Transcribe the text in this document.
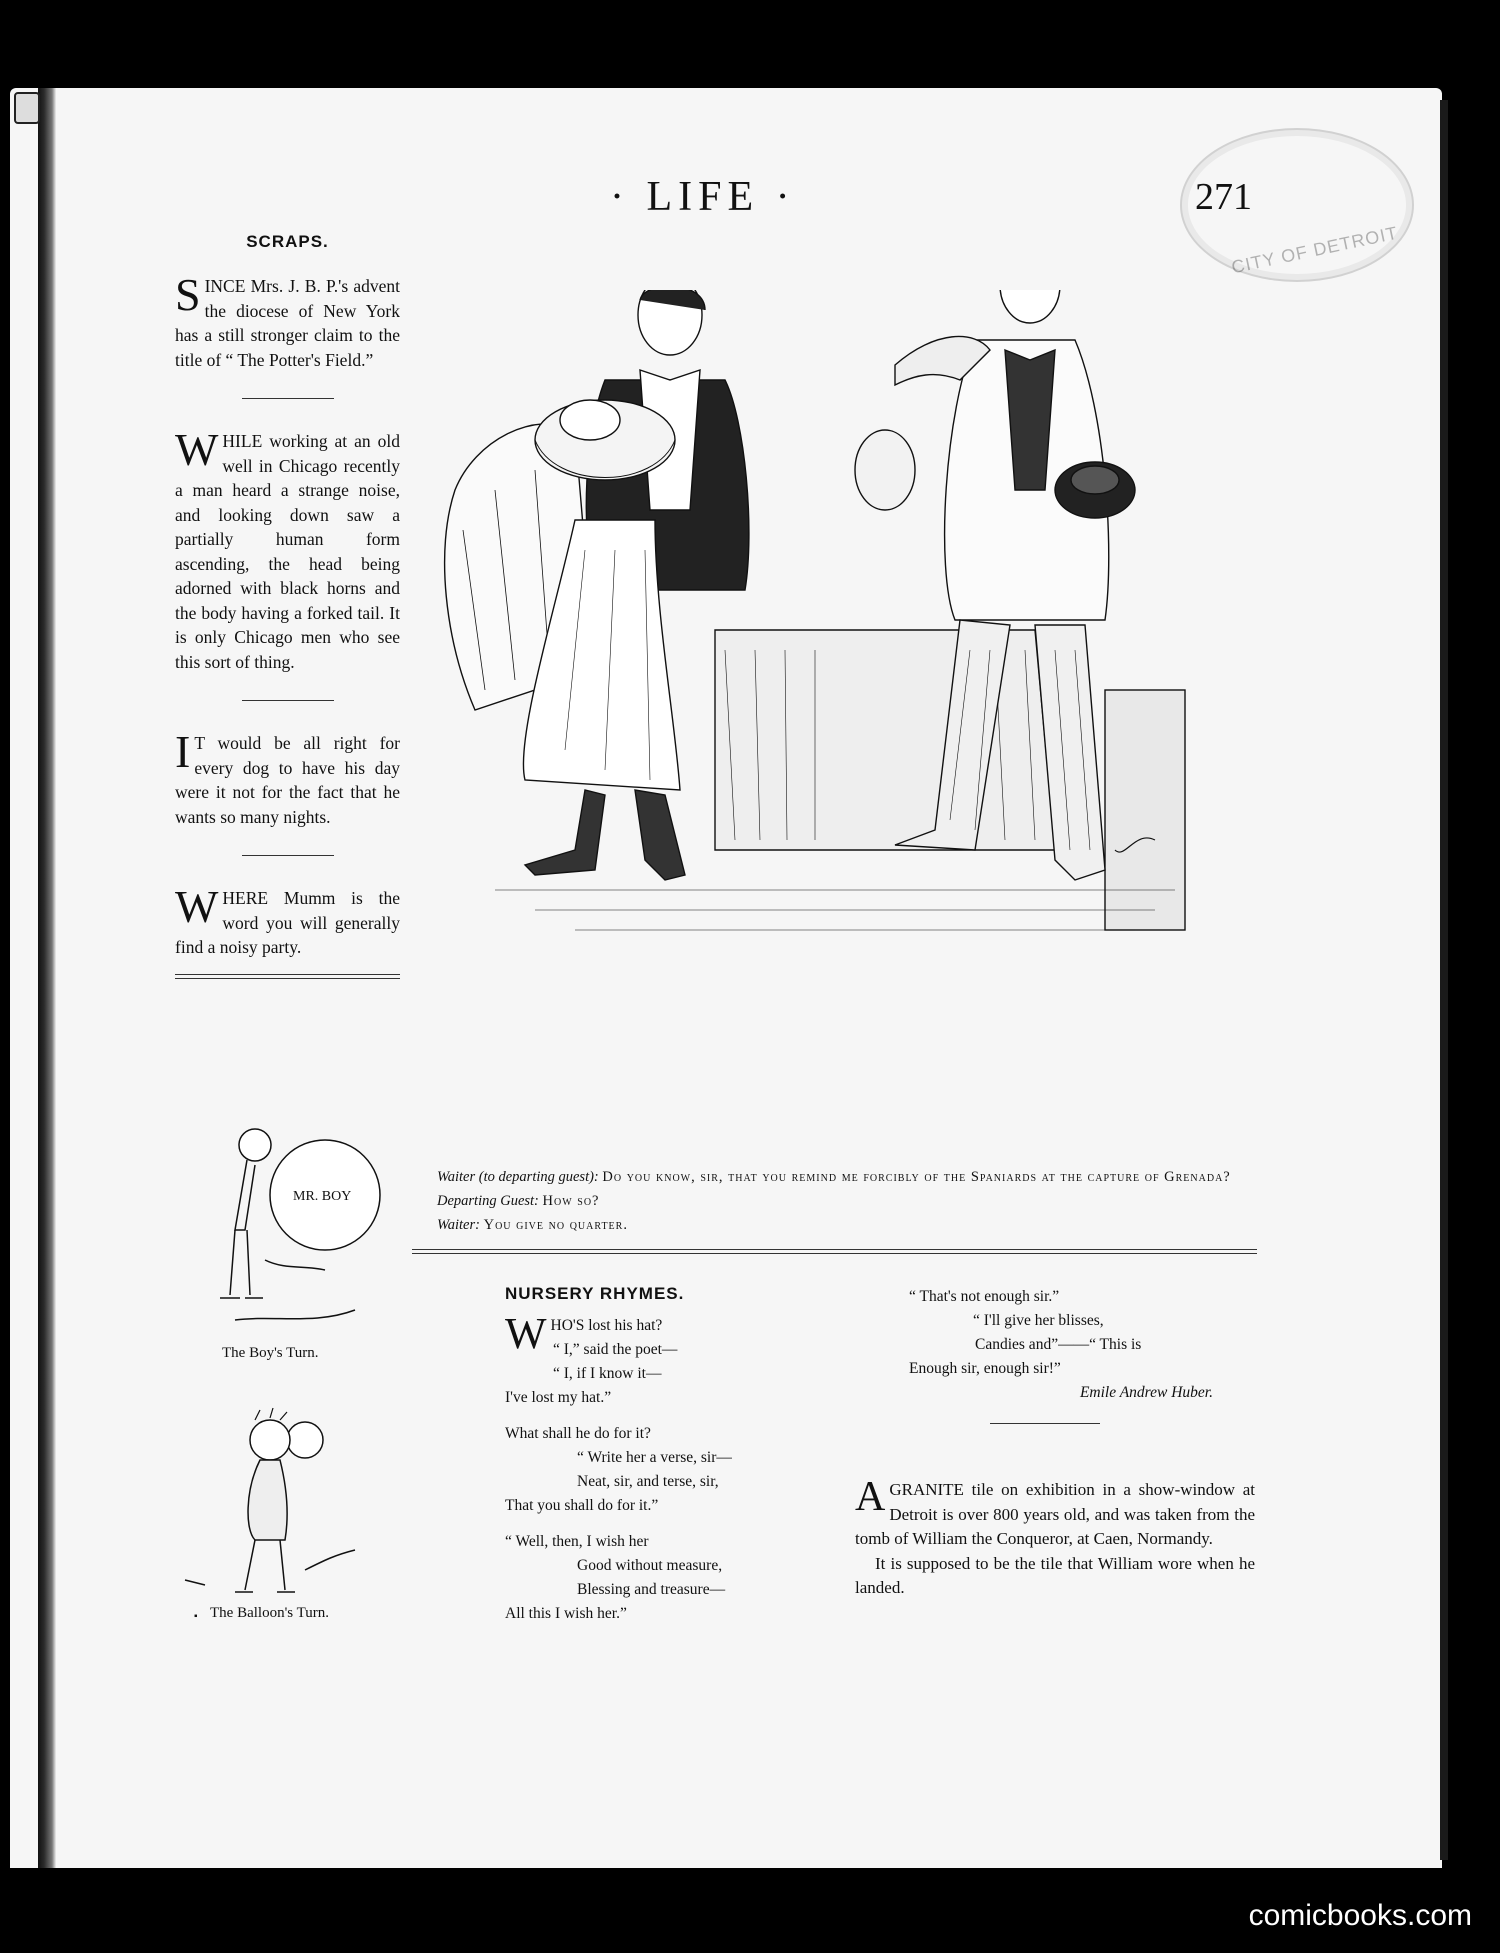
· LIFE ·	271
CITY OF DETROIT
SCRAPS.

S INCE Mrs. J. B. P.'s advent the diocese of New York has a still stronger claim to the title of “ The Potter's Field.”

W HILE working at an old well in Chicago recently a man heard a strange noise, and looking down saw a partially human form ascending, the head being adorned with black horns and the body having a forked tail. It is only Chicago men who see this sort of thing.

I T would be all right for every dog to have his day were it not for the fact that he wants so many nights.

W HERE Mumm is the word you will generally find a noisy party.

Waiter (to departing guest): Do you know, sir, that you remind me forcibly of the Spaniards at the capture of Grenada?
Departing Guest: How so?
Waiter: You give no quarter.
MR. BOY
The Boy's Turn.
The Balloon's Turn.
▪
NURSERY RHYMES.
WHO'S lost his hat?
“ I,” said the poet—
“ I, if I know it—
I've lost my hat.”
What shall he do for it?
“ Write her a verse, sir—
Neat, sir, and terse, sir,
That you shall do for it.”
“ Well, then, I wish her
Good without measure,
Blessing and treasure—
All this I wish her.”
“ That's not enough sir.”
“ I'll give her blisses,
Candies and”——“ This is
Enough sir, enough sir!”
Emile Andrew Huber.

A GRANITE tile on exhibition in a show-window at Detroit is over 800 years old, and was taken from the tomb of William the Conqueror, at Caen, Normandy.

It is supposed to be the tile that William wore when he landed.

comicbooks.com
